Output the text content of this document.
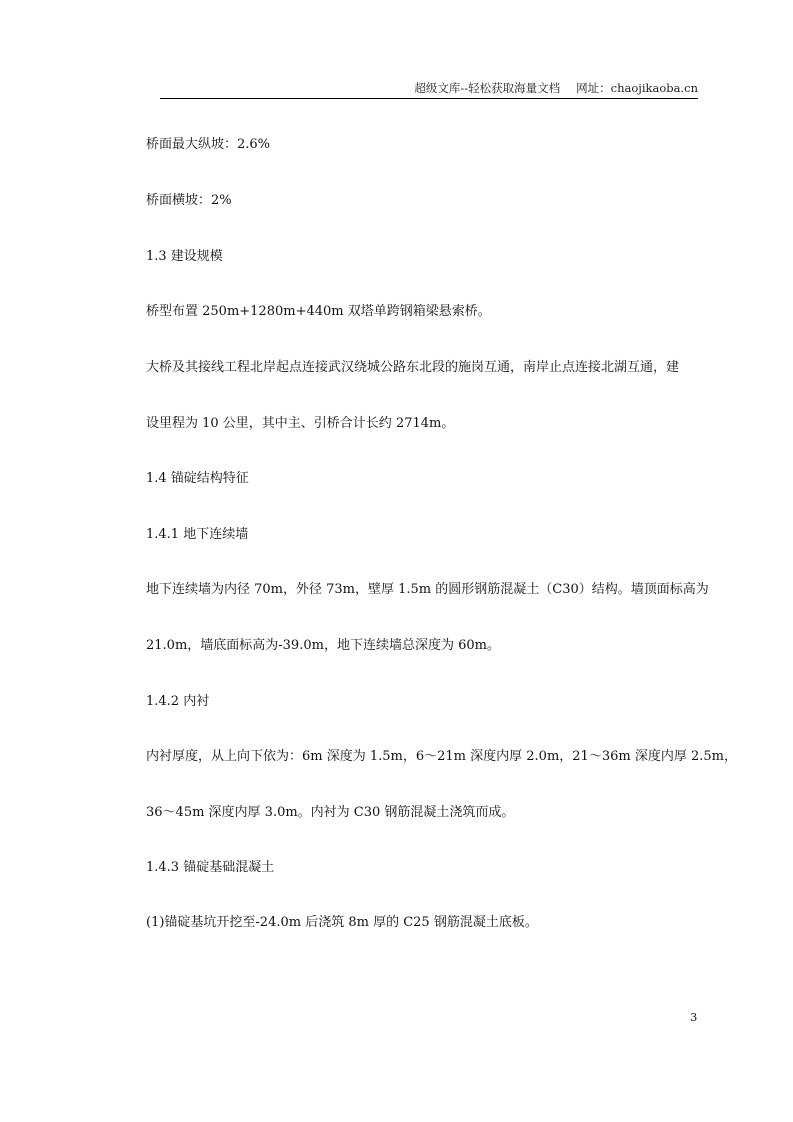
超级文库--轻松获取海量文档 网址：chaojikaoba.cn
桥面最大纵坡：2.6%
桥面横坡：2%
1.3 建设规模
桥型布置 250m+1280m+440m 双塔单跨钢箱梁悬索桥。
大桥及其接线工程北岸起点连接武汉绕城公路东北段的施岗互通，南岸止点连接北湖互通，建
设里程为 10 公里，其中主、引桥合计长约 2714m。
1.4 锚碇结构特征
1.4.1 地下连续墙
地下连续墙为内径 70m，外径 73m，壁厚 1.5m 的圆形钢筋混凝土（C30）结构。墙顶面标高为
21.0m，墙底面标高为-39.0m，地下连续墙总深度为 60m。
1.4.2 内衬
内衬厚度，从上向下依为：6m 深度为 1.5m，6～21m 深度内厚 2.0m，21～36m 深度内厚 2.5m，
36～45m 深度内厚 3.0m。内衬为 C30 钢筋混凝土浇筑而成。
1.4.3 锚碇基础混凝土
(1)锚碇基坑开挖至-24.0m 后浇筑 8m 厚的 C25 钢筋混凝土底板。
3
